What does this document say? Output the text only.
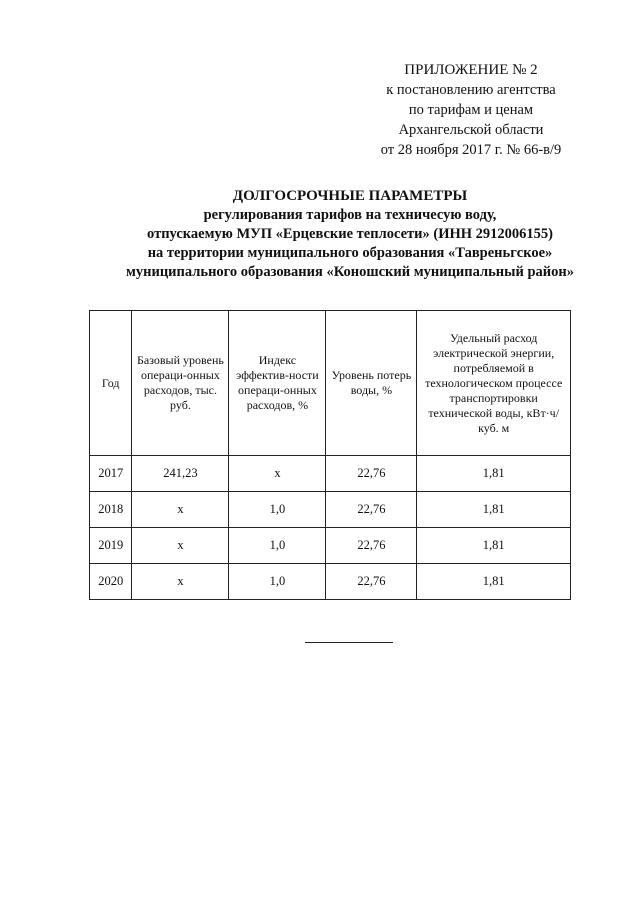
ПРИЛОЖЕНИЕ № 2
к постановлению агентства
по тарифам и ценам
Архангельской области
от 28 ноября 2017 г. № 66-в/9
ДОЛГОСРОЧНЫЕ ПАРАМЕТРЫ
регулирования тарифов на техничесую воду,
отпускаемую МУП «Ерцевские теплосети» (ИНН 2912006155)
на территории муниципального образования «Тавреньгское»
муниципального образования «Коношский муниципальный район»
Год	Базовый уровень операци-онных расходов, тыс. руб.	Индекс эффектив-ности операци-онных расходов, %	Уровень потерь воды, %	Удельный расход электрической энергии, потребляемой в технологическом процессе транспортировки технической воды, кВт·ч/куб. м
2017	241,23	х	22,76	1,81
2018	х	1,0	22,76	1,81
2019	х	1,0	22,76	1,81
2020	х	1,0	22,76	1,81
